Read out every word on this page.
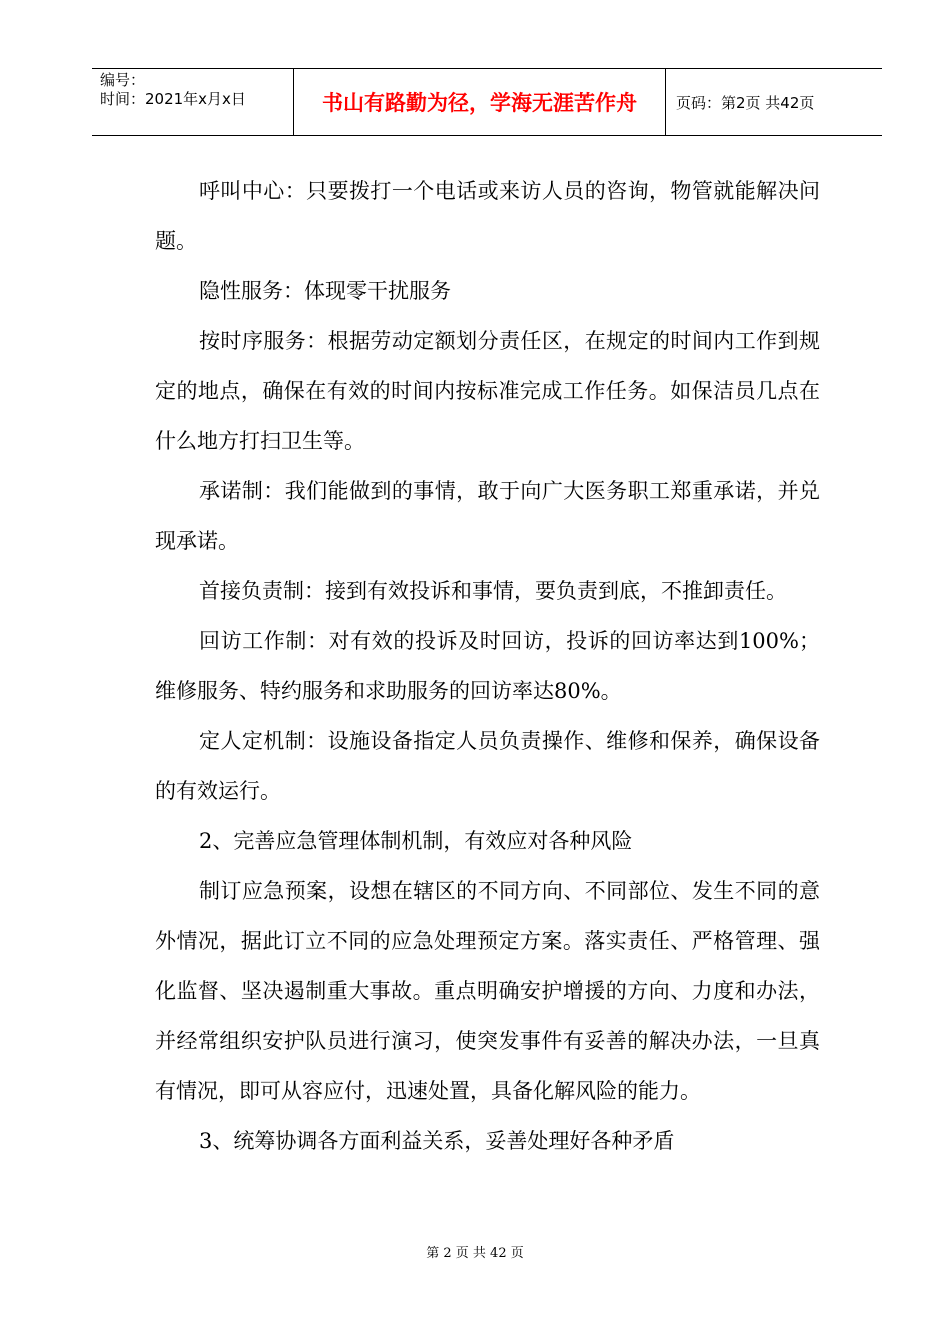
编号：
时间：2021年x月x日	书山有路勤为径，学海无涯苦作舟	页码：第2页 共42页

呼叫中心：只要拨打一个电话或来访人员的咨询，物管就能解决问题。

隐性服务：体现零干扰服务

按时序服务：根据劳动定额划分责任区，在规定的时间内工作到规定的地点，确保在有效的时间内按标准完成工作任务。如保洁员几点在什么地方打扫卫生等。

承诺制：我们能做到的事情，敢于向广大医务职工郑重承诺，并兑现承诺。

首接负责制：接到有效投诉和事情，要负责到底，不推卸责任。

回访工作制：对有效的投诉及时回访，投诉的回访率达到100%；维修服务、特约服务和求助服务的回访率达80%。

定人定机制：设施设备指定人员负责操作、维修和保养，确保设备的有效运行。

2、完善应急管理体制机制，有效应对各种风险

制订应急预案，设想在辖区的不同方向、不同部位、发生不同的意外情况，据此订立不同的应急处理预定方案。落实责任、严格管理、强化监督、坚决遏制重大事故。重点明确安护增援的方向、力度和办法，并经常组织安护队员进行演习，使突发事件有妥善的解决办法，一旦真有情况，即可从容应付，迅速处置，具备化解风险的能力。

3、统筹协调各方面利益关系，妥善处理好各种矛盾

第 2 页 共 42 页
